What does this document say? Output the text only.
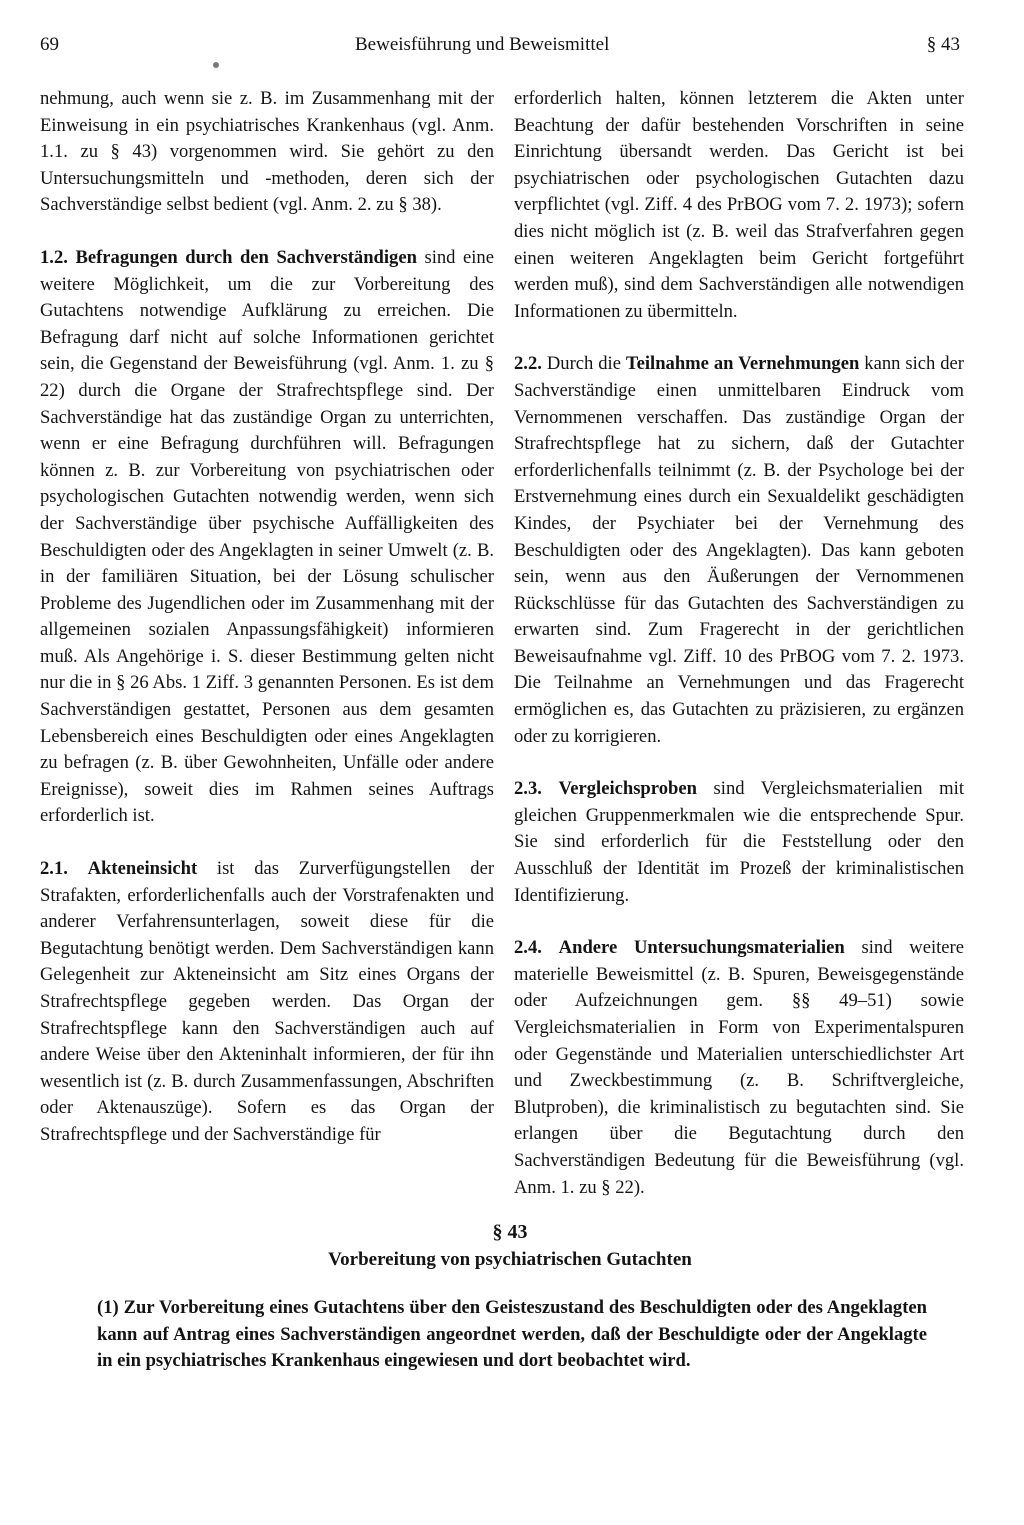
69	Beweisführung und Beweismittel	§ 43

nehmung, auch wenn sie z. B. im Zusammenhang mit der Einweisung in ein psychiatrisches Krankenhaus (vgl. Anm. 1.1. zu § 43) vorgenommen wird. Sie gehört zu den Untersuchungsmitteln und -methoden, deren sich der Sachverständige selbst bedient (vgl. Anm. 2. zu § 38).

1.2. Befragungen durch den Sachverständigen sind eine weitere Möglichkeit, um die zur Vorbereitung des Gutachtens notwendige Aufklärung zu erreichen. Die Befragung darf nicht auf solche Informationen gerichtet sein, die Gegenstand der Beweisführung (vgl. Anm. 1. zu § 22) durch die Organe der Strafrechtspflege sind. Der Sachverständige hat das zuständige Organ zu unterrichten, wenn er eine Befragung durchführen will. Befragungen können z. B. zur Vorbereitung von psychiatrischen oder psychologischen Gutachten notwendig werden, wenn sich der Sachverständige über psychische Auffälligkeiten des Beschuldigten oder des Angeklagten in seiner Umwelt (z. B. in der familiären Situation, bei der Lösung schulischer Probleme des Jugendlichen oder im Zusammenhang mit der allgemeinen sozialen Anpassungsfähigkeit) informieren muß. Als Angehörige i. S. dieser Bestimmung gelten nicht nur die in § 26 Abs. 1 Ziff. 3 genannten Personen. Es ist dem Sachverständigen gestattet, Personen aus dem gesamten Lebensbereich eines Beschuldigten oder eines Angeklagten zu befragen (z. B. über Gewohnheiten, Unfälle oder andere Ereignisse), soweit dies im Rahmen seines Auftrags erforderlich ist.

2.1. Akteneinsicht ist das Zurverfügungstellen der Strafakten, erforderlichenfalls auch der Vorstrafenakten und anderer Verfahrensunterlagen, soweit diese für die Begutachtung benötigt werden. Dem Sachverständigen kann Gelegenheit zur Akteneinsicht am Sitz eines Organs der Strafrechtspflege gegeben werden. Das Organ der Strafrechtspflege kann den Sachverständigen auch auf andere Weise über den Akteninhalt informieren, der für ihn wesentlich ist (z. B. durch Zusammenfassungen, Abschriften oder Aktenauszüge). Sofern es das Organ der Strafrechtspflege und der Sachverständige für

erforderlich halten, können letzterem die Akten unter Beachtung der dafür bestehenden Vorschriften in seine Einrichtung übersandt werden. Das Gericht ist bei psychiatrischen oder psychologischen Gutachten dazu verpflichtet (vgl. Ziff. 4 des PrBOG vom 7. 2. 1973); sofern dies nicht möglich ist (z. B. weil das Strafverfahren gegen einen weiteren Angeklagten beim Gericht fortgeführt werden muß), sind dem Sachverständigen alle notwendigen Informationen zu übermitteln.

2.2. Durch die Teilnahme an Vernehmungen kann sich der Sachverständige einen unmittelbaren Eindruck vom Vernommenen verschaffen. Das zuständige Organ der Strafrechtspflege hat zu sichern, daß der Gutachter erforderlichenfalls teilnimmt (z. B. der Psychologe bei der Erstvernehmung eines durch ein Sexualdelikt geschädigten Kindes, der Psychiater bei der Vernehmung des Beschuldigten oder des Angeklagten). Das kann geboten sein, wenn aus den Äußerungen der Vernommenen Rückschlüsse für das Gutachten des Sachverständigen zu erwarten sind. Zum Fragerecht in der gerichtlichen Beweisaufnahme vgl. Ziff. 10 des PrBOG vom 7. 2. 1973. Die Teilnahme an Vernehmungen und das Fragerecht ermöglichen es, das Gutachten zu präzisieren, zu ergänzen oder zu korrigieren.

2.3. Vergleichsproben sind Vergleichsmaterialien mit gleichen Gruppenmerkmalen wie die entsprechende Spur. Sie sind erforderlich für die Feststellung oder den Ausschluß der Identität im Prozeß der kriminalistischen Identifizierung.

2.4. Andere Untersuchungsmaterialien sind weitere materielle Beweismittel (z. B. Spuren, Beweisgegenstände oder Aufzeichnungen gem. §§ 49–51) sowie Vergleichsmaterialien in Form von Experimentalspuren oder Gegenstände und Materialien unterschiedlichster Art und Zweckbestimmung (z. B. Schriftvergleiche, Blutproben), die kriminalistisch zu begutachten sind. Sie erlangen über die Begutachtung durch den Sachverständigen Bedeutung für die Beweisführung (vgl. Anm. 1. zu § 22).

§ 43
Vorbereitung von psychiatrischen Gutachten

(1) Zur Vorbereitung eines Gutachtens über den Geisteszustand des Beschuldigten oder des Angeklagten kann auf Antrag eines Sachverständigen angeordnet werden, daß der Beschuldigte oder der Angeklagte in ein psychiatrisches Krankenhaus eingewiesen und dort beobachtet wird.
